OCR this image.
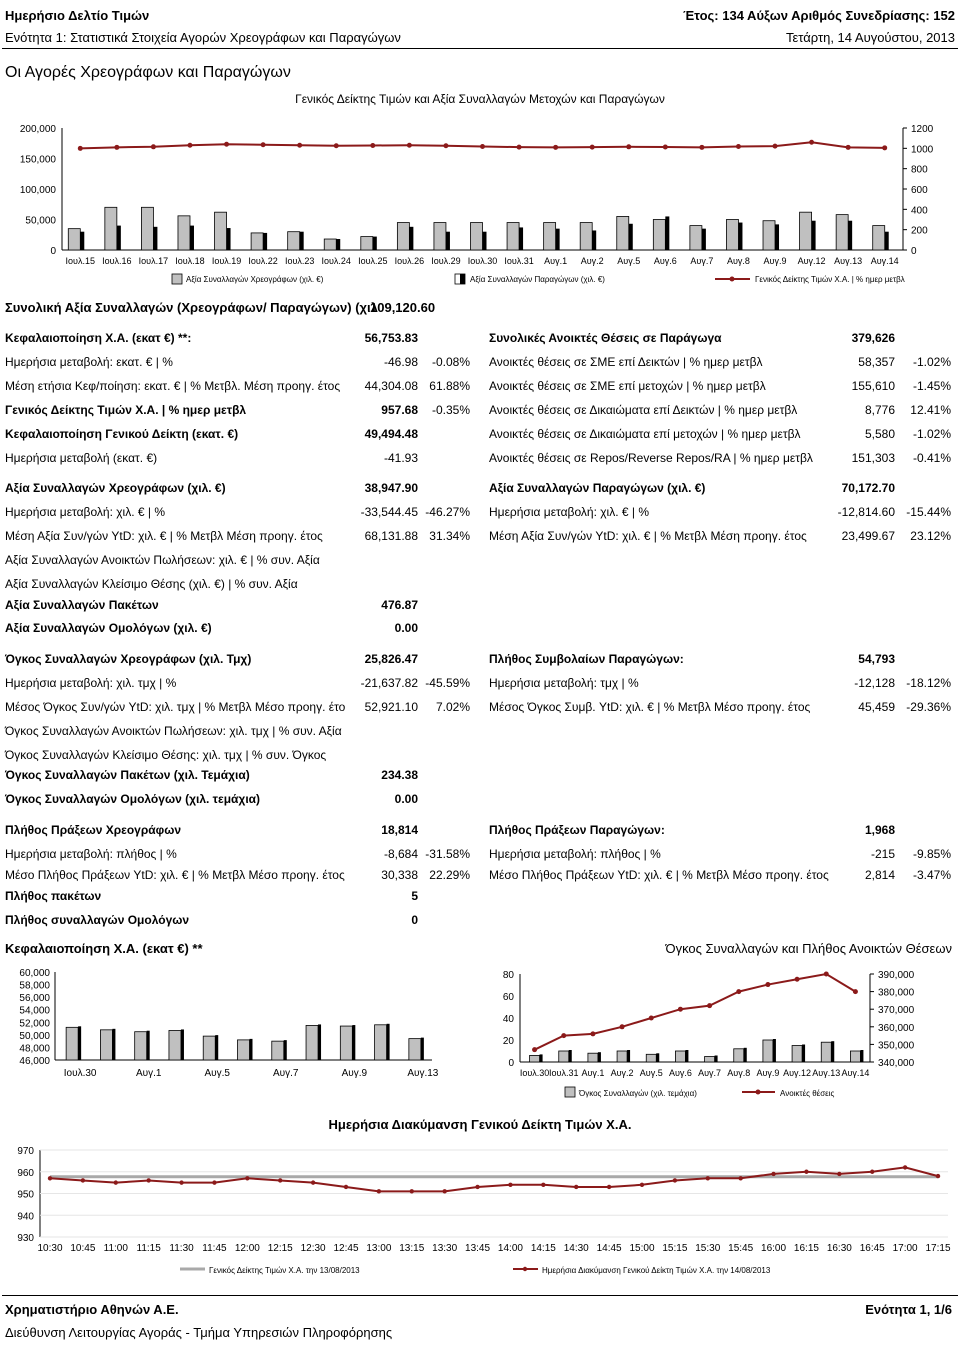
Ημερήσιο Δελτίο Τιμών
Ενότητα 1: Στατιστικά Στοιχεία Αγορών Χρεογράφων και Παραγώγων
Έτος: 134 Αύξων Αριθμός Συνεδρίασης: 152
Τετάρτη, 14 Αυγούστου, 2013
Οι Αγορές Χρεογράφων και Παραγώγων
Γενικός Δείκτης Τιμών και Αξία Συναλλαγών Μετοχών και Παραγώγων
200,000
150,000
100,000
50,000
0
1200
1000
800
600
400
200
0
Ιουλ.15 Ιουλ.16 Ιουλ.17 Ιουλ.18 Ιουλ.19 Ιουλ.22 Ιουλ.23 Ιουλ.24 Ιουλ.25 Ιουλ.26 Ιουλ.29 Ιουλ.30 Ιουλ.31 Αυγ.1 Αυγ.2 Αυγ.5 Αυγ.6 Αυγ.7 Αυγ.8 Αυγ.9 Αυγ.12 Αυγ.13 Αυγ.14
Αξία Συναλλαγών Χρεογράφων (χιλ. €)	Αξία Συναλλαγών Παραγώγων (χιλ. €)	Γενικός Δείκτης Τιμών Χ.Α. | % ημερ μετβλ
Συνολική Αξία Συναλλαγών (Χρεογράφων/ Παραγώγων) (χιλ
109,120.60
Κεφαλαιοποίηση Χ.Α. (εκατ €) **:	56,753.83
Ημερήσια μεταβολή: εκατ. € | %	-46.98 -0.08%
Μέση ετήσια Κεφ/ποίηση: εκατ. € | % Μετβλ. Μέση προηγ. έτος 44,304.08 61.88%
Γενικός Δείκτης Τιμών Χ.Α. | % ημερ μετβλ	957.68 -0.35%
Κεφαλαιοποίηση Γενικού Δείκτη (εκατ. €)	49,494.48
Ημερήσια μεταβολή (εκατ. €)	-41.93
Αξία Συναλλαγών Χρεογράφων (χιλ. €)	38,947.90
Ημερήσια μεταβολή: χιλ. € | %	-33,544.45 -46.27%
Μέση Αξία Συν/γών YtD: χιλ. € | % Μετβλ Μέση προηγ. έτος	68,131.88 31.34%
Αξία Συναλλαγών Ανοικτών Πωλήσεων: χιλ. € | % συν. Αξία
Αξία Συναλλαγών Κλείσιμο Θέσης (χιλ. €) | % συν. Αξία
Αξία Συναλλαγών Πακέτων	476.87
Αξία Συναλλαγών Ομολόγων (χιλ. €)	0.00
Όγκος Συναλλαγών Χρεογράφων (χιλ. Τμχ)	25,826.47
Ημερήσια μεταβολή: χιλ. τμχ | %	-21,637.82 -45.59%
Μέσος Όγκος Συν/γών YtD: χιλ. τμχ | % Μετβλ Μέσο προηγ. έτο 52,921.10 7.02%
Όγκος Συναλλαγών Ανοικτών Πωλήσεων: χιλ. τμχ | % συν. Αξία
Όγκος Συναλλαγών Κλείσιμο Θέσης: χιλ. τμχ | % συν. Όγκος
Όγκος Συναλλαγών Πακέτων (χιλ. Τεμάχια)	234.38
Όγκος Συναλλαγών Ομολόγων (χιλ. τεμάχια)	0.00
Πλήθος Πράξεων Χρεογράφων	18,814
Ημερήσια μεταβολή: πλήθος | %	-8,684 -31.58%
Μέσο Πλήθος Πράξεων YtD: χιλ. € | % Μετβλ Μέσο προηγ. έτος	30,338 22.29%
Πλήθος πακέτων	5
Πλήθος συναλλαγών Ομολόγων	0
Συνολικές Ανοικτές Θέσεις σε Παράγωγα	379,626
Ανοικτές θέσεις σε ΣΜΕ επί Δεικτών | % ημερ μετβλ	58,357 -1.02%
Ανοικτές θέσεις σε ΣΜΕ επί μετοχών | % ημερ μετβλ	155,610 -1.45%
Ανοικτές θέσεις σε Δικαιώματα επί Δεικτών | % ημερ μετβλ	8,776 12.41%
Ανοικτές θέσεις σε Δικαιώματα επί μετοχών | % ημερ μετβλ	5,580 -1.02%
Ανοικτές θέσεις σε Repos/Reverse Repos/RA | % ημερ μετβλ	151,303 -0.41%
Αξία Συναλλαγών Παραγώγων (χιλ. €)	70,172.70
Ημερήσια μεταβολή: χιλ. € | %	-12,814.60 -15.44%
Μέση Αξία Συν/γών YtD: χιλ. € | % Μετβλ Μέση προηγ. έτος	23,499.67 23.12%
Πλήθος Συμβολαίων Παραγώγων:	54,793
Ημερήσια μεταβολή: τμχ | %	-12,128 -18.12%
Μέσος Όγκος Συμβ. YtD: χιλ. € | % Μετβλ Μέσο προηγ. έτος	45,459 -29.36%
Πλήθος Πράξεων Παραγώγων:	1,968
Ημερήσια μεταβολή: πλήθος | %	-215 -9.85%
Μέσο Πλήθος Πράξεων YtD: χιλ. € | % Μετβλ Μέσο προηγ. έτος	2,814 -3.47%
Κεφαλαιοποίηση Χ.Α. (εκατ €) **
60,000
58,000
56,000
54,000
52,000
50,000
48,000
46,000
Ιουλ.30	Αυγ.1	Αυγ.5	Αυγ.7	Αυγ.9	Αυγ.13
Όγκος Συναλλαγών και Πλήθος Ανοικτών Θέσεων
80
60
40
20
0
390,000
380,000
370,000
360,000
350,000
340,000
Ιουλ.30 Ιουλ.31 Αυγ.1 Αυγ.2 Αυγ.5 Αυγ.6 Αυγ.7 Αυγ.8 Αυγ.9 Αυγ.12 Αυγ.13 Αυγ.14
Όγκος Συναλλαγών (χιλ. τεμάχια)	Ανοικτές θέσεις
Ημερήσια Διακύμανση Γενικού Δείκτη Τιμών Χ.Α.
970
960
950
940
930
10:30 10:45 11:00 11:15 11:30 11:45 12:00 12:15 12:30 12:45 13:00 13:15 13:30 13:45 14:00 14:15 14:30 14:45 15:00 15:15 15:30 15:45 16:00 16:15 16:30 16:45 17:00 17:15
Γενικός Δείκτης Τιμών Χ.Α. την 13/08/2013	Ημερήσια Διακύμανση Γενικού Δείκτη Τιμών Χ.Α. την 14/08/2013
Χρηματιστήριο Αθηνών Α.Ε.
Διεύθυνση Λειτουργίας Αγοράς - Τμήμα Υπηρεσιών Πληροφόρησης
Ενότητα 1, 1/6
